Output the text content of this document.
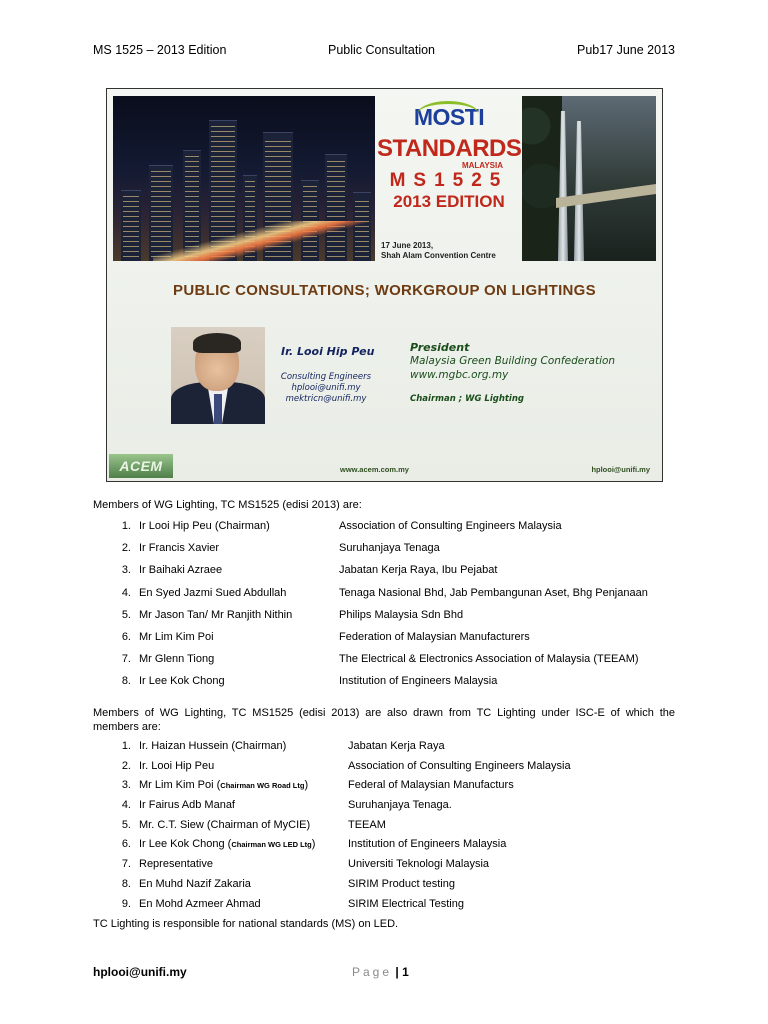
MS 1525 – 2013 Edition	Public Consultation	Pub17 June 2013
MOSTI
STANDARDS
MALAYSIA
MS1525
2013 EDITION
17 June 2013,
Shah Alam Convention Centre
PUBLIC CONSULTATIONS; WORKGROUP ON LIGHTINGS
Ir. Looi Hip Peu
Consulting Engineers
hplooi@unifi.my
mektricn@unifi.my
President
Malaysia Green Building Confederation
www.mgbc.org.my
Chairman ; WG Lighting
ACEM	www.acem.com.my	hplooi@unifi.my
Members of WG Lighting, TC MS1525 (edisi 2013) are:
1. Ir Looi Hip Peu (Chairman)	Association of Consulting Engineers Malaysia
2. Ir Francis Xavier	Suruhanjaya Tenaga
3. Ir Baihaki Azraee	Jabatan Kerja Raya, Ibu Pejabat
4. En Syed Jazmi Sued Abdullah	Tenaga Nasional Bhd, Jab Pembangunan Aset, Bhg Penjanaan
5. Mr Jason Tan/ Mr Ranjith Nithin	Philips Malaysia Sdn Bhd
6. Mr Lim Kim Poi	Federation of Malaysian Manufacturers
7. Mr Glenn Tiong	The Electrical & Electronics Association of Malaysia (TEEAM)
8. Ir Lee Kok Chong	Institution of Engineers Malaysia
Members of WG Lighting, TC MS1525 (edisi 2013) are also drawn from TC Lighting under ISC-E of which the
members are:
1. Ir. Haizan Hussein (Chairman)	Jabatan Kerja Raya
2. Ir. Looi Hip Peu	Association of Consulting Engineers Malaysia
3. Mr Lim Kim Poi (Chairman WG Road Ltg)	Federal of Malaysian Manufacturs
4. Ir Fairus Adb Manaf	Suruhanjaya Tenaga.
5. Mr. C.T. Siew (Chairman of MyCIE)	TEEAM
6. Ir Lee Kok Chong (Chairman WG LED Ltg)	Institution of Engineers Malaysia
7. Representative	Universiti Teknologi Malaysia
8. En Muhd Nazif Zakaria	SIRIM Product testing
9. En Mohd Azmeer Ahmad	SIRIM Electrical Testing
TC Lighting is responsible for national standards (MS) on LED.
hplooi@unifi.my	Page | 1
